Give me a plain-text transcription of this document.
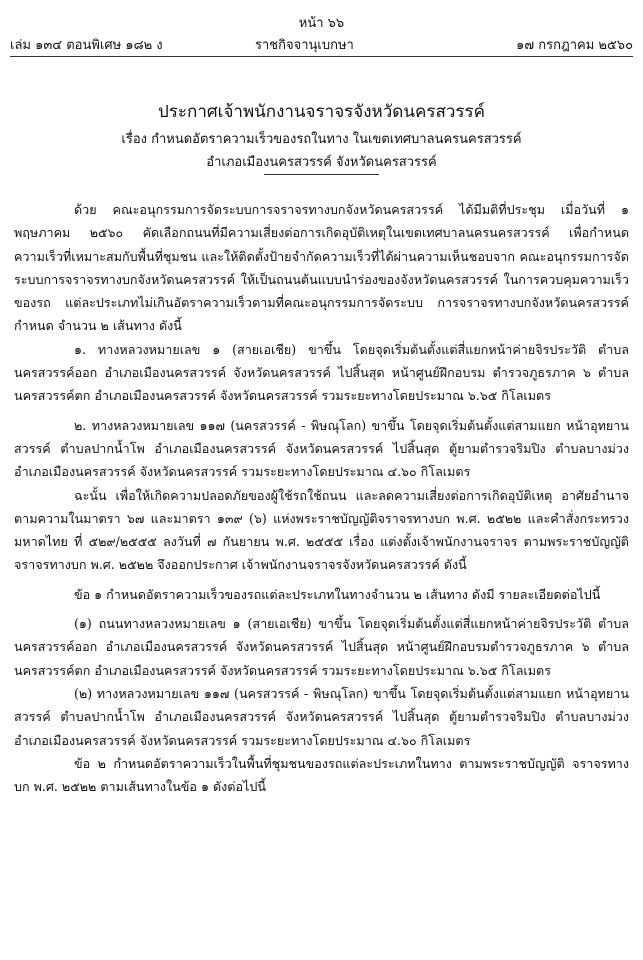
หน้า ๖๖
เล่ม ๑๓๔ ตอนพิเศษ ๑๘๒ ง	ราชกิจจานุเบกษา	๑๗ กรกฎาคม ๒๕๖๐
ประกาศเจ้าพนักงานจราจรจังหวัดนครสวรรค์
เรื่อง กำหนดอัตราความเร็วของรถในทาง ในเขตเทศบาลนครนครสวรรค์
อำเภอเมืองนครสวรรค์ จังหวัดนครสวรรค์

ด้วย คณะอนุกรรมการจัดระบบการจราจรทางบกจังหวัดนครสวรรค์ ได้มีมติที่ประชุม เมื่อวันที่ ๑ พฤษภาคม ๒๕๖๐ คัดเลือกถนนที่มีความเสี่ยงต่อการเกิดอุบัติเหตุในเขตเทศบาลนครนครสวรรค์ เพื่อกำหนดความเร็วที่เหมาะสมกับพื้นที่ชุมชน และให้ติดตั้งป้ายจำกัดความเร็วที่ได้ผ่านความเห็นชอบจาก คณะอนุกรรมการจัดระบบการจราจรทางบกจังหวัดนครสวรรค์ ให้เป็นถนนต้นแบบนำร่องของจังหวัดนครสวรรค์ ในการควบคุมความเร็วของรถ แต่ละประเภทไม่เกินอัตราความเร็วตามที่คณะอนุกรรมการจัดระบบ การจราจรทางบกจังหวัดนครสวรรค์กำหนด จำนวน ๒ เส้นทาง ดังนี้

๑. ทางหลวงหมายเลข ๑ (สายเอเชีย) ขาขึ้น โดยจุดเริ่มต้นตั้งแต่สี่แยกหน้าค่ายจิรประวัติ ตำบลนครสวรรค์ออก อำเภอเมืองนครสวรรค์ จังหวัดนครสวรรค์ ไปสิ้นสุด หน้าศูนย์ฝึกอบรม ตำรวจภูธรภาค ๖ ตำบลนครสวรรค์ตก อำเภอเมืองนครสวรรค์ จังหวัดนครสวรรค์ รวมระยะทางโดยประมาณ ๖.๖๕ กิโลเมตร

๒. ทางหลวงหมายเลข ๑๑๗ (นครสวรรค์ - พิษณุโลก) ขาขึ้น โดยจุดเริ่มต้นตั้งแต่สามแยก หน้าอุทยานสวรรค์ ตำบลปากน้ำโพ อำเภอเมืองนครสวรรค์ จังหวัดนครสวรรค์ ไปสิ้นสุด ตู้ยามตำรวจริมปิง ตำบลบางม่วง อำเภอเมืองนครสวรรค์ จังหวัดนครสวรรค์ รวมระยะทางโดยประมาณ ๔.๖๐ กิโลเมตร

ฉะนั้น เพื่อให้เกิดความปลอดภัยของผู้ใช้รถใช้ถนน และลดความเสี่ยงต่อการเกิดอุบัติเหตุ อาศัยอำนาจตามความในมาตรา ๖๗ และมาตรา ๑๓๙ (๖) แห่งพระราชบัญญัติจราจรทางบก พ.ศ. ๒๕๒๒ และคำสั่งกระทรวงมหาดไทย ที่ ๕๒๙/๒๕๕๕ ลงวันที่ ๗ กันยายน พ.ศ. ๒๕๕๕ เรื่อง แต่งตั้งเจ้าพนักงานจราจร ตามพระราชบัญญัติจราจรทางบก พ.ศ. ๒๕๒๒ จึงออกประกาศ เจ้าพนักงานจราจรจังหวัดนครสวรรค์ ดังนี้

ข้อ ๑ กำหนดอัตราความเร็วของรถแต่ละประเภทในทางจำนวน ๒ เส้นทาง ดังมี รายละเอียดต่อไปนี้

(๑) ถนนทางหลวงหมายเลข ๑ (สายเอเชีย) ขาขึ้น โดยจุดเริ่มต้นตั้งแต่สี่แยกหน้าค่ายจิรประวัติ ตำบลนครสวรรค์ออก อำเภอเมืองนครสวรรค์ จังหวัดนครสวรรค์ ไปสิ้นสุด หน้าศูนย์ฝึกอบรมตำรวจภูธรภาค ๖ ตำบลนครสวรรค์ตก อำเภอเมืองนครสวรรค์ จังหวัดนครสวรรค์ รวมระยะทางโดยประมาณ ๖.๖๕ กิโลเมตร

(๒) ทางหลวงหมายเลข ๑๑๗ (นครสวรรค์ - พิษณุโลก) ขาขึ้น โดยจุดเริ่มต้นตั้งแต่สามแยก หน้าอุทยานสวรรค์ ตำบลปากน้ำโพ อำเภอเมืองนครสวรรค์ จังหวัดนครสวรรค์ ไปสิ้นสุด ตู้ยามตำรวจริมปิง ตำบลบางม่วง อำเภอเมืองนครสวรรค์ จังหวัดนครสวรรค์ รวมระยะทางโดยประมาณ ๔.๖๐ กิโลเมตร

ข้อ ๒ กำหนดอัตราความเร็วในพื้นที่ชุมชนของรถแต่ละประเภทในทาง ตามพระราชบัญญัติ จราจรทางบก พ.ศ. ๒๕๒๒ ตามเส้นทางในข้อ ๑ ดังต่อไปนี้
